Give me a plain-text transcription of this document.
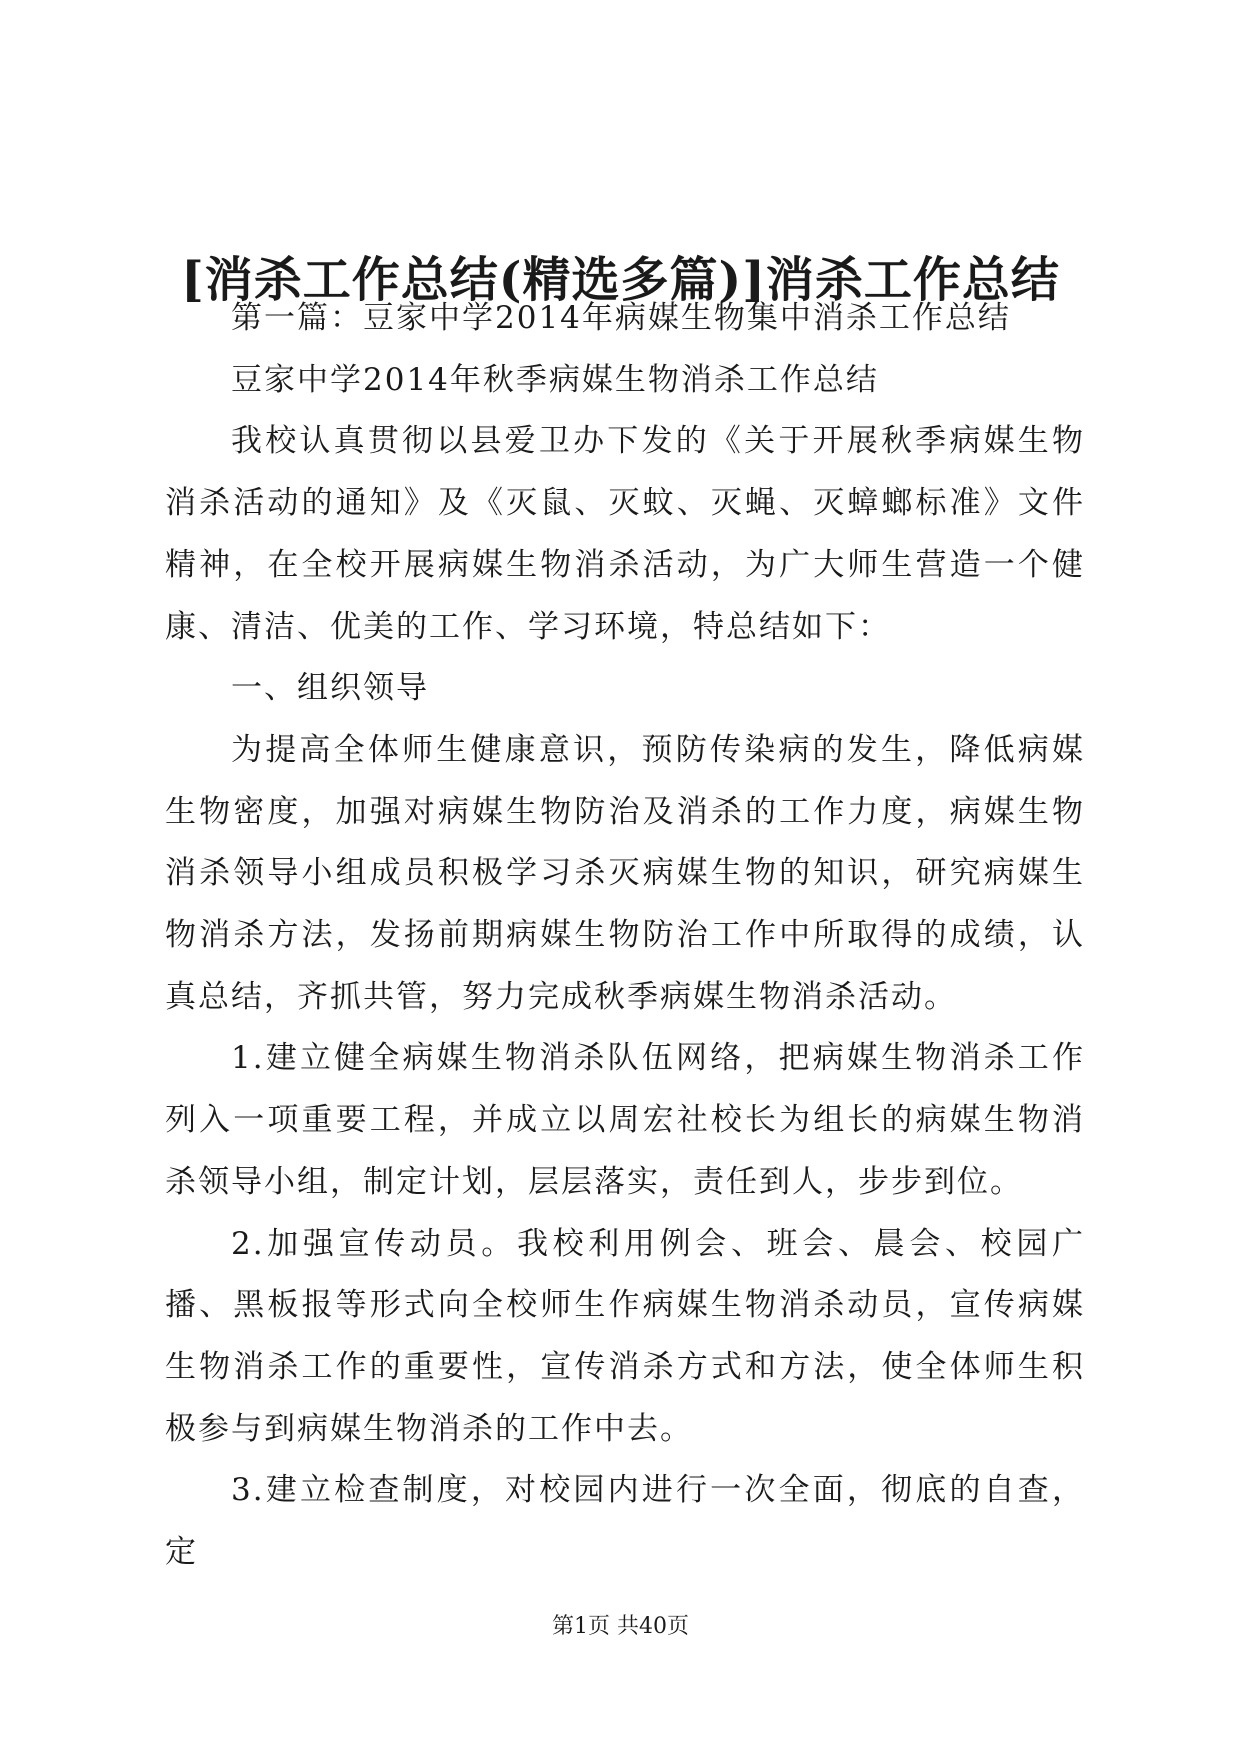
[消杀工作总结(精选多篇)]消杀工作总结

第一篇：豆家中学2014年病媒生物集中消杀工作总结

豆家中学2014年秋季病媒生物消杀工作总结

我校认真贯彻以县爱卫办下发的《关于开展秋季病媒生物消杀活动的通知》及《灭鼠、灭蚊、灭蝇、灭蟑螂标准》文件精神，在全校开展病媒生物消杀活动，为广大师生营造一个健康、清洁、优美的工作、学习环境，特总结如下：

一、组织领导

为提高全体师生健康意识，预防传染病的发生，降低病媒生物密度，加强对病媒生物防治及消杀的工作力度，病媒生物消杀领导小组成员积极学习杀灭病媒生物的知识，研究病媒生物消杀方法，发扬前期病媒生物防治工作中所取得的成绩，认真总结，齐抓共管，努力完成秋季病媒生物消杀活动。

1.建立健全病媒生物消杀队伍网络，把病媒生物消杀工作列入一项重要工程，并成立以周宏社校长为组长的病媒生物消杀领导小组，制定计划，层层落实，责任到人，步步到位。

2.加强宣传动员。我校利用例会、班会、晨会、校园广播、黑板报等形式向全校师生作病媒生物消杀动员，宣传病媒生物消杀工作的重要性，宣传消杀方式和方法，使全体师生积极参与到病媒生物消杀的工作中去。

3.建立检查制度，对校园内进行一次全面，彻底的自查，定

第1页 共40页
